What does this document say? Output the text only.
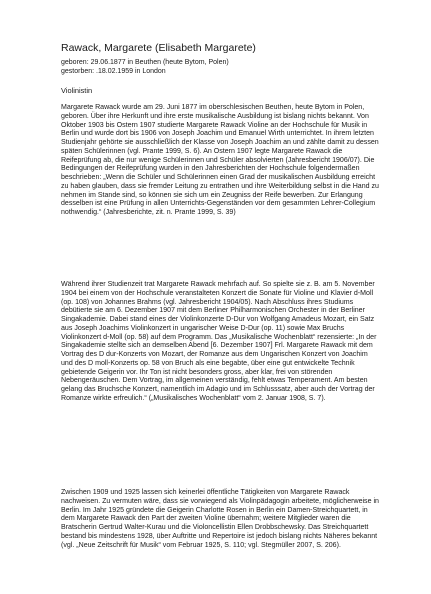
Rawack, Margarete (Elisabeth Margarete)
geboren: 29.06.1877 in Beuthen (heute Bytom, Polen)
gestorben: .18.02.1959 in London
Violinistin

Margarete Rawack wurde am 29. Juni 1877 im oberschlesischen Beuthen, heute Bytom in Polen, geboren. Über ihre Herkunft und ihre erste musikalische Ausbildung ist bislang nichts bekannt. Von Oktober 1903 bis Ostern 1907 studierte Margarete Rawack Violine an der Hochschule für Musik in Berlin und wurde dort bis 1906 von Joseph Joachim und Emanuel Wirth unterrichtet. In ihrem letzten Studienjahr gehörte sie ausschließlich der Klasse von Joseph Joachim an und zählte damit zu dessen späten Schülerinnen (vgl. Prante 1999, S. 6). An Ostern 1907 legte Margarete Rawack die Reifeprüfung ab, die nur wenige Schülerinnen und Schüler absolvierten (Jahresbericht 1906/07). Die Bedingungen der Reifeprüfung wurden in den Jahresberichten der Hochschule folgendermaßen beschrieben: „Wenn die Schüler und Schülerinnen einen Grad der musikalischen Ausbildung erreicht zu haben glauben, dass sie fremder Leitung zu entrathen und ihre Weiterbildung selbst in die Hand zu nehmen im Stande sind, so können sie sich um ein Zeugniss der Reife bewerben. Zur Erlangung desselben ist eine Prüfung in allen Unterrichts-Gegenständen vor dem gesammten Lehrer-Collegium nothwendig.“ (Jahresberichte, zit. n. Prante 1999, S. 39)

Während ihrer Studienzeit trat Margarete Rawack mehrfach auf. So spielte sie z. B. am 5. November 1904 bei einem von der Hochschule veranstalteten Konzert die Sonate für Violine und Klavier d-Moll (op. 108) von Johannes Brahms (vgl. Jahresbericht 1904/05). Nach Abschluss ihres Studiums debütierte sie am 6. Dezember 1907 mit dem Berliner Philharmonischen Orchester in der Berliner Singakademie. Dabei stand eines der Violinkonzerte D-Dur von Wolfgang Amadeus Mozart, ein Satz aus Joseph Joachims Violinkonzert in ungarischer Weise D-Dur (op. 11) sowie Max Bruchs Violinkonzert d-Moll (op. 58) auf dem Programm. Das „Musikalische Wochenblatt“ rezensierte: „In der Singakademie stellte sich an demselben Abend [6. Dezember 1907] Frl. Margarete Rawack mit dem Vortrag des D dur-Konzerts von Mozart, der Romanze aus dem Ungarischen Konzert von Joachim und des D moll-Konzerts op. 58 von Bruch als eine begabte, über eine gut entwickelte Technik gebietende Geigerin vor. Ihr Ton ist nicht besonders gross, aber klar, frei von störenden Nebengeräuschen. Dem Vortrag, im allgemeinen verständig, fehlt etwas Temperament. Am besten gelang das Bruchsche Konzert, namentlich im Adagio und im Schlusssatz, aber auch der Vortrag der Romanze wirkte erfreulich.“ („Musikalisches Wochenblatt“ vom 2. Januar 1908, S. 7).

Zwischen 1909 und 1925 lassen sich keinerlei öffentliche Tätigkeiten von Margarete Rawack nachweisen. Zu vermuten wäre, dass sie vorwiegend als Violinpädagogin arbeitete, möglicherweise in Berlin. Im Jahr 1925 gründete die Geigerin Charlotte Rosen in Berlin ein Damen-Streichquartett, in dem Margarete Rawack den Part der zweiten Violine übernahm; weitere Mitglieder waren die Bratscherin Gertrud Walter-Kurau und die Violoncellistin Ellen Drobbschewsky. Das Streichquartett bestand bis mindestens 1928, über Auftritte und Repertoire ist jedoch bislang nichts Näheres bekannt (vgl. „Neue Zeitschrift für Musik“ vom Februar 1925, S. 110; vgl. Stegmüller 2007, S. 206).
